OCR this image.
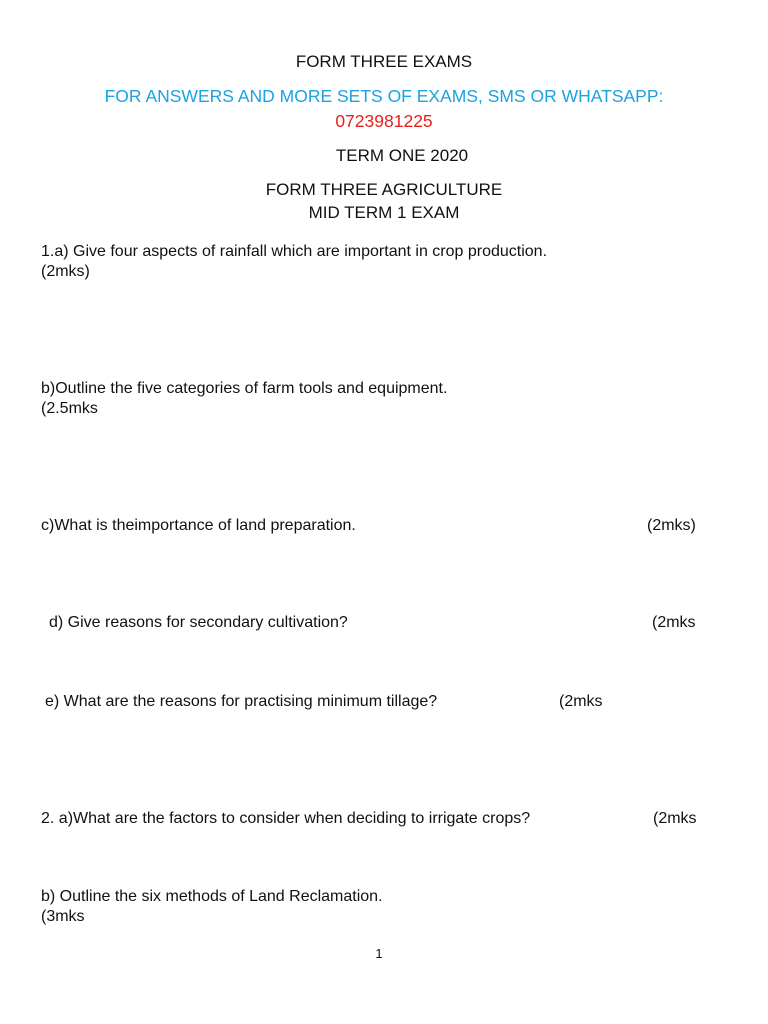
FORM THREE EXAMS
FOR ANSWERS AND MORE SETS OF EXAMS, SMS OR WHATSAPP:
0723981225
TERM ONE 2020
FORM THREE AGRICULTURE
MID TERM 1 EXAM
1.a) Give four aspects of rainfall which are important in crop production.
(2mks)
b)Outline the five categories of farm tools and equipment.
(2.5mks
c)What is theimportance of land preparation.	(2mks)
d) Give reasons for secondary cultivation?	(2mks
e) What are the reasons for practising minimum tillage?	(2mks
2. a)What are the factors to consider when deciding to irrigate crops?	(2mks
b) Outline the six methods of Land Reclamation.
(3mks
1
